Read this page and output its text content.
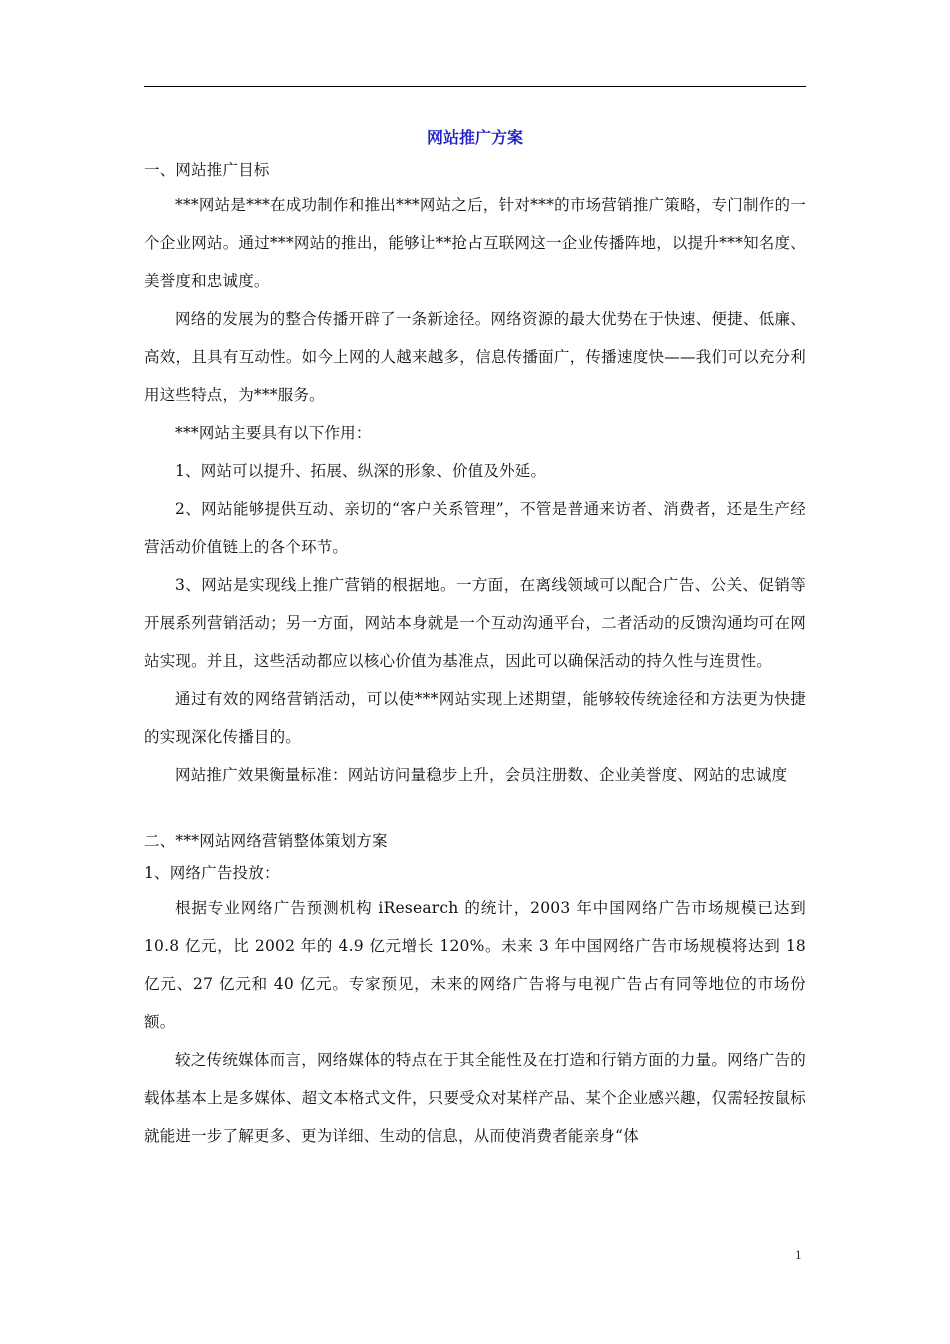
网站推广方案

一、网站推广目标

***网站是***在成功制作和推出***网站之后，针对***的市场营销推广策略，专门制作的一个企业网站。通过***网站的推出，能够让**抢占互联网这一企业传播阵地，以提升***知名度、美誉度和忠诚度。

网络的发展为的整合传播开辟了一条新途径。网络资源的最大优势在于快速、便捷、低廉、高效，且具有互动性。如今上网的人越来越多，信息传播面广，传播速度快——我们可以充分利用这些特点，为***服务。

***网站主要具有以下作用：

1、网站可以提升、拓展、纵深的形象、价值及外延。

2、网站能够提供互动、亲切的“客户关系管理”，不管是普通来访者、消费者，还是生产经营活动价值链上的各个环节。

3、网站是实现线上推广营销的根据地。一方面，在离线领域可以配合广告、公关、促销等开展系列营销活动；另一方面，网站本身就是一个互动沟通平台，二者活动的反馈沟通均可在网站实现。并且，这些活动都应以核心价值为基准点，因此可以确保活动的持久性与连贯性。

通过有效的网络营销活动，可以使***网站实现上述期望，能够较传统途径和方法更为快捷的实现深化传播目的。

网站推广效果衡量标准：网站访问量稳步上升，会员注册数、企业美誉度、网站的忠诚度

二、***网站网络营销整体策划方案

1、网络广告投放：

根据专业网络广告预测机构 iResearch 的统计，2003 年中国网络广告市场规模已达到 10.8 亿元，比 2002 年的 4.9 亿元增长 120%。未来 3 年中国网络广告市场规模将达到 18 亿元、27 亿元和 40 亿元。专家预见，未来的网络广告将与电视广告占有同等地位的市场份额。

较之传统媒体而言，网络媒体的特点在于其全能性及在打造和行销方面的力量。网络广告的载体基本上是多媒体、超文本格式文件，只要受众对某样产品、某个企业感兴趣，仅需轻按鼠标就能进一步了解更多、更为详细、生动的信息，从而使消费者能亲身“体

1
